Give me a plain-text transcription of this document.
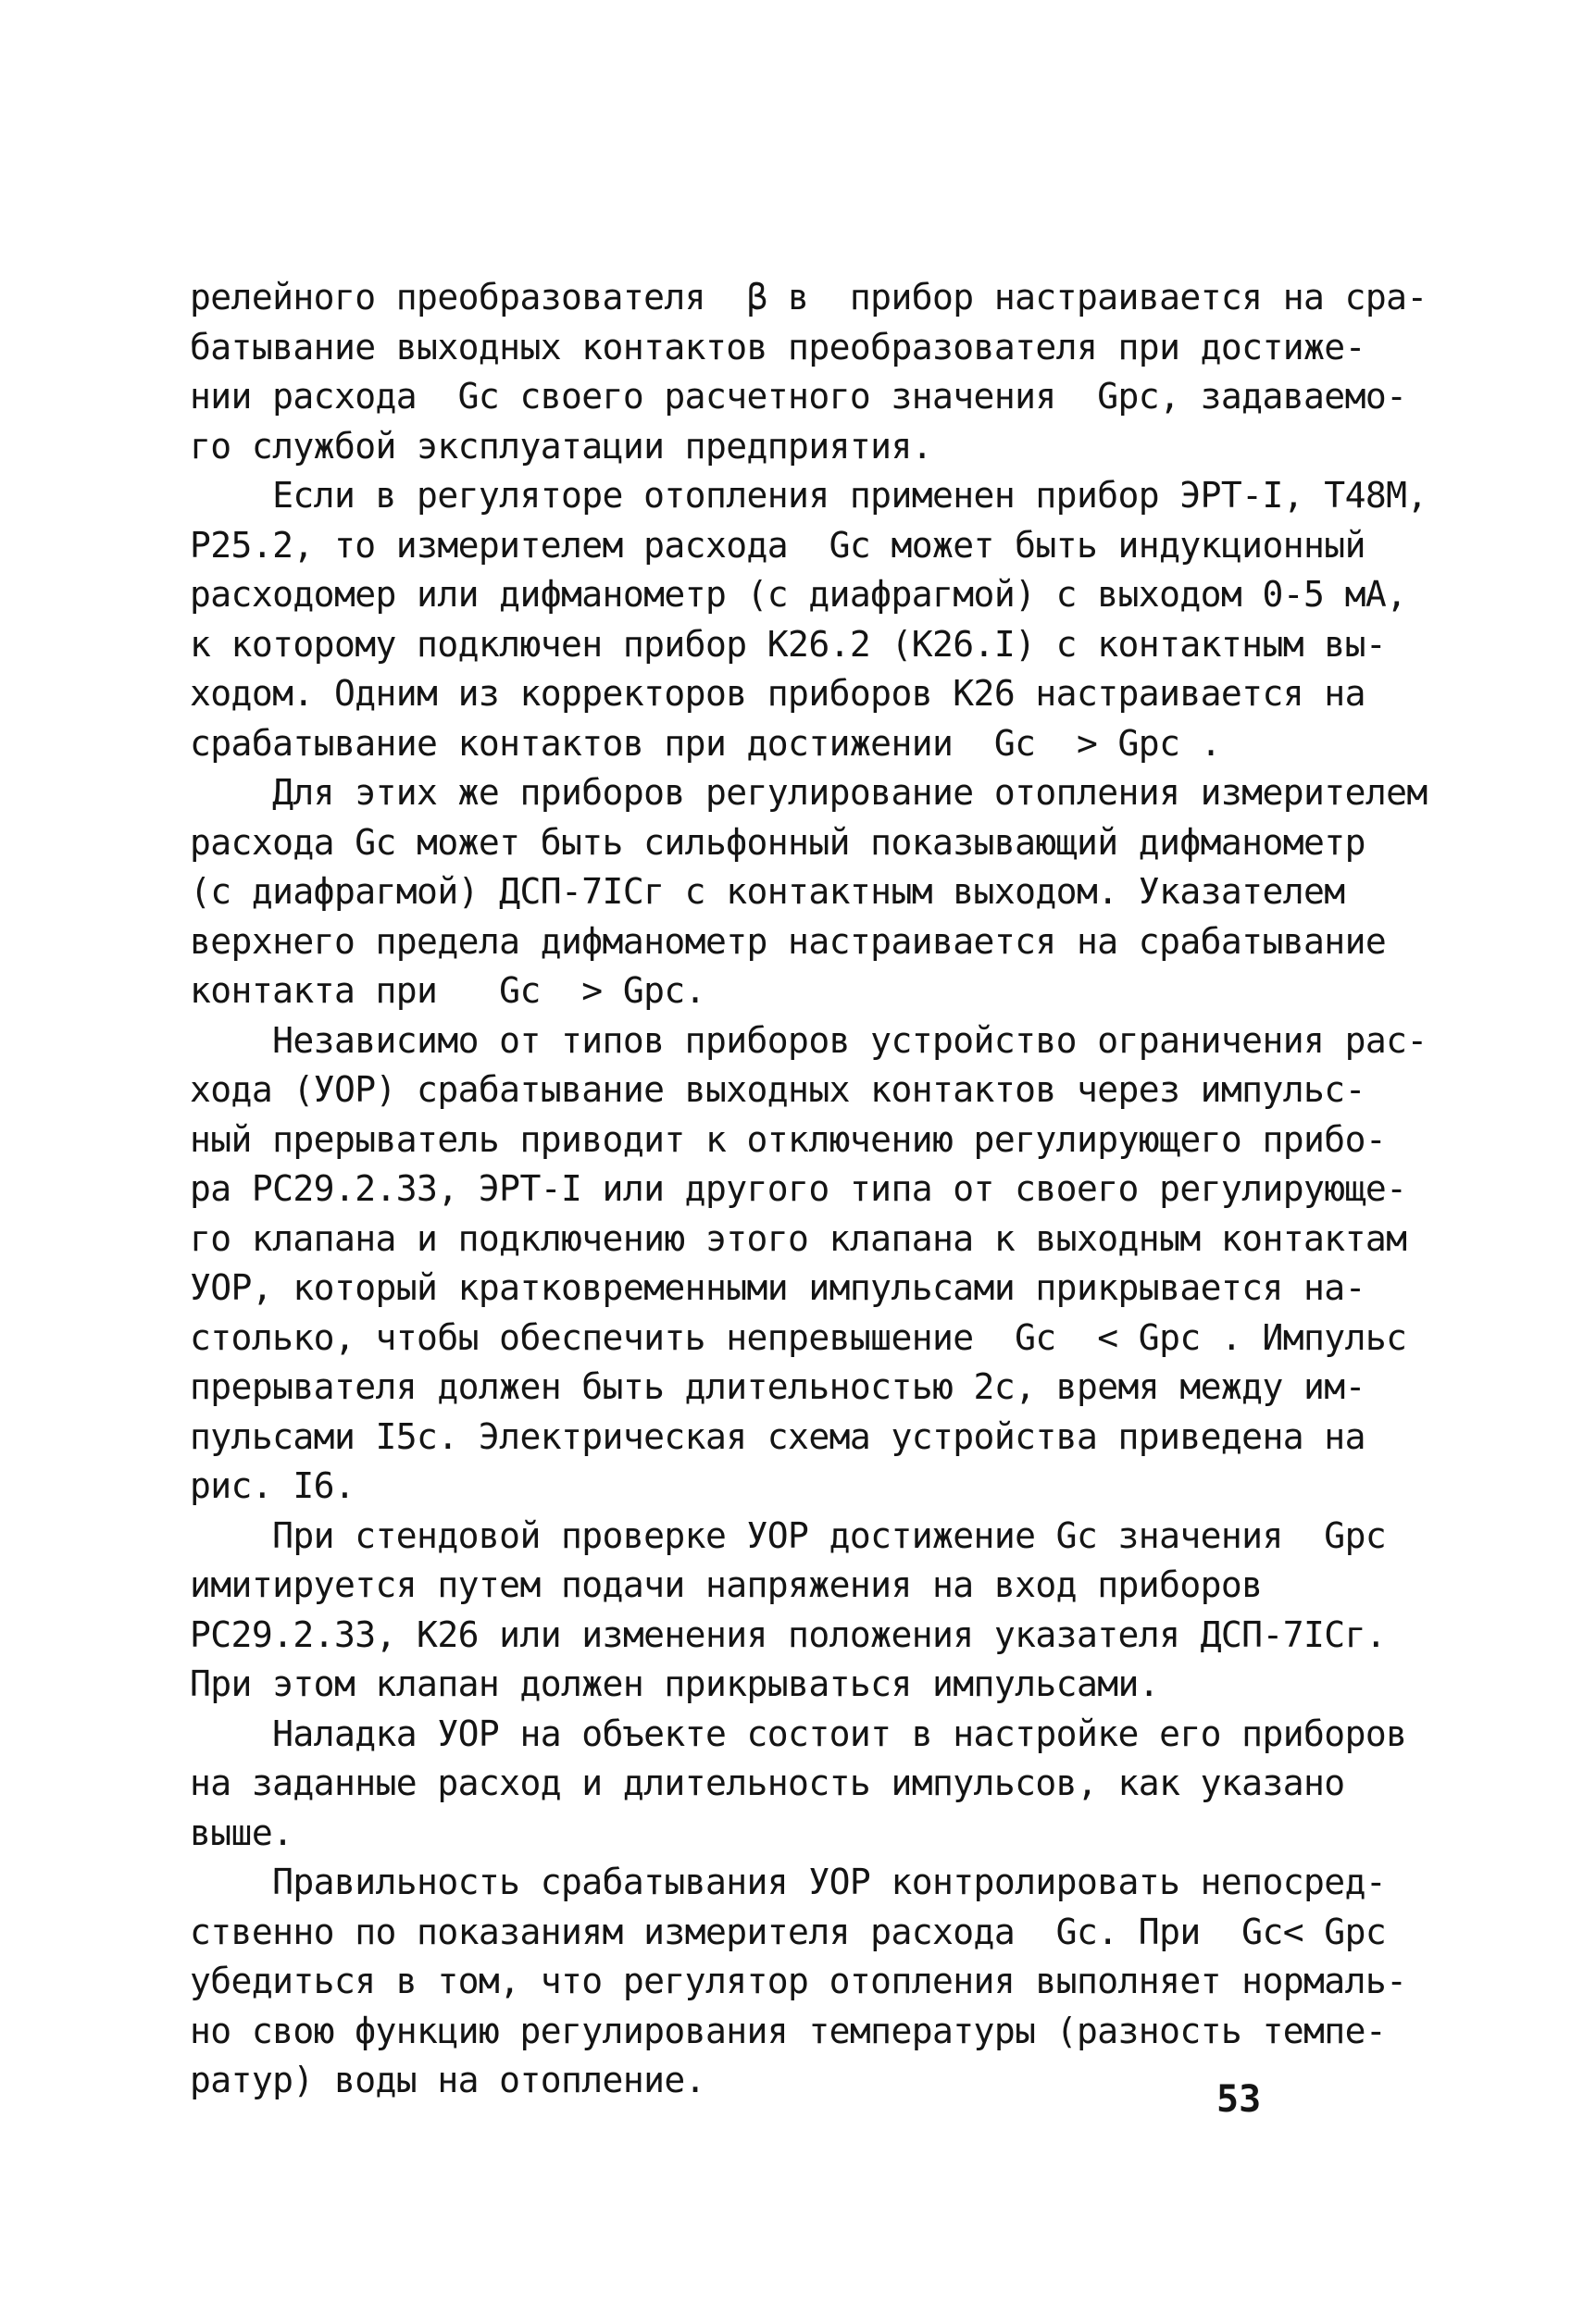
релейного преобразователя  β в  прибор настраивается на сра-
батывание выходных контактов преобразователя при достиже-
нии расхода  Gс своего расчетного значения  Gрс, задаваемо-
го службой эксплуатации предприятия.
Если в регуляторе отопления применен прибор ЭРТ-I, Т48М,
Р25.2, то измерителем расхода  Gс может быть индукционный
расходомер или дифманометр (с диафрагмой) с выходом 0-5 мА,
к которому подключен прибор К26.2 (К26.I) с контактным вы-
ходом. Одним из корректоров приборов К26 настраивается на
срабатывание контактов при достижении  Gс  > Gрс .
Для этих же приборов регулирование отопления измерителем
расхода Gс может быть сильфонный показывающий дифманометр
(с диафрагмой) ДСП-7IСг с контактным выходом. Указателем
верхнего предела дифманометр настраивается на срабатывание
контакта при   Gс  > Gрс.
Независимо от типов приборов устройство ограничения рас-
хода (УОР) срабатывание выходных контактов через импульс-
ный прерыватель приводит к отключению регулирующего прибо-
ра РС29.2.33, ЭРТ-I или другого типа от своего регулирующе-
го клапана и подключению этого клапана к выходным контактам
УОР, который кратковременными импульсами прикрывается на-
столько, чтобы обеспечить непревышение  Gс  < Gрс . Импульс
прерывателя должен быть длительностью 2с, время между им-
пульсами I5с. Электрическая схема устройства приведена на
рис. I6.
При стендовой проверке УОР достижение Gс значения  Gрс
имитируется путем подачи напряжения на вход приборов
РС29.2.33, К26 или изменения положения указателя ДСП-7IСг.
При этом клапан должен прикрываться импульсами.
Наладка УОР на объекте состоит в настройке его приборов
на заданные расход и длительность импульсов, как указано
выше.
Правильность срабатывания УОР контролировать непосред-
ственно по показаниям измерителя расхода  Gс. При  Gс< Gрс
убедиться в том, что регулятор отопления выполняет нормаль-
но свою функцию регулирования температуры (разность темпе-
ратур) воды на отопление.	53
